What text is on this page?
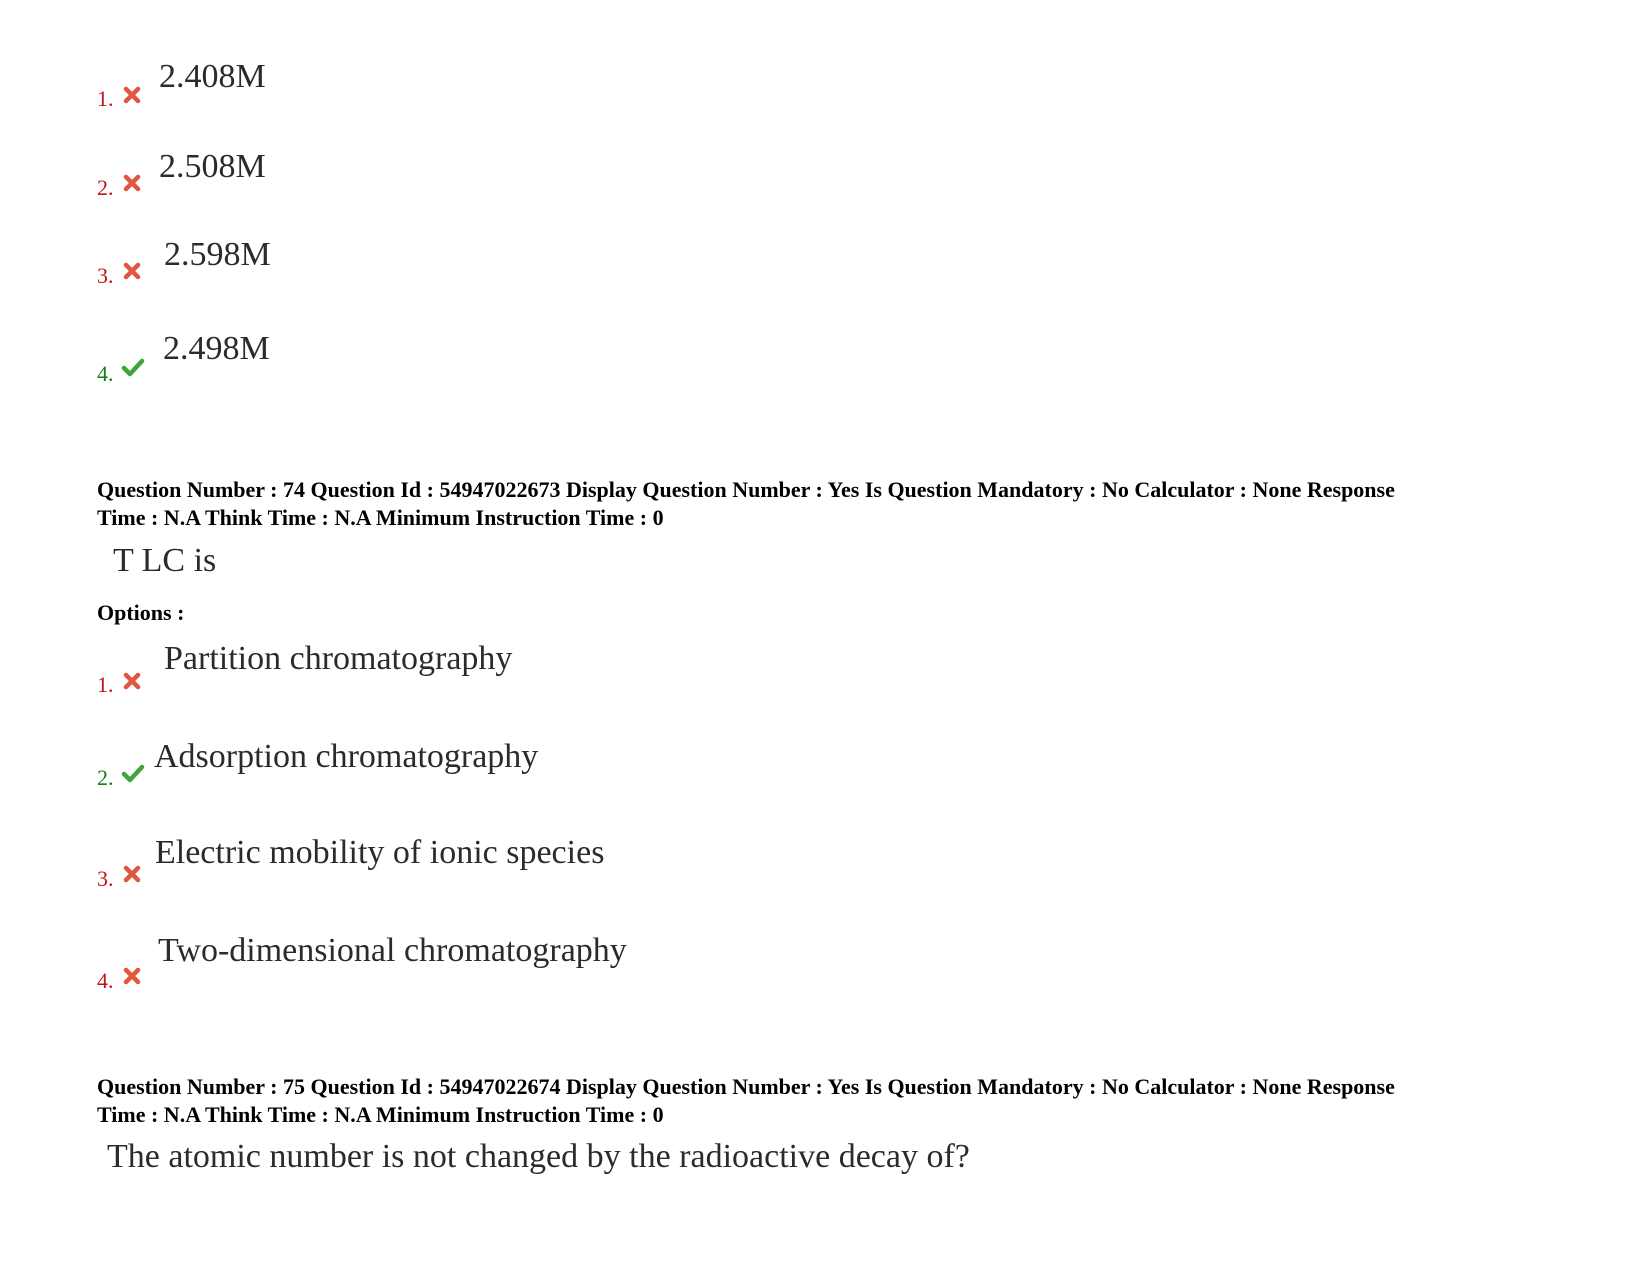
1.
2.408M
2.
2.508M
3.
2.598M
4.
2.498M
Question Number : 74 Question Id : 54947022673 Display Question Number : Yes Is Question Mandatory : No Calculator : None Response
Time : N.A Think Time : N.A Minimum Instruction Time : 0
T LC is
Options :
1.
Partition chromatography
2.
Adsorption chromatography
3.
Electric mobility of ionic species
4.
Two-dimensional chromatography
Question Number : 75 Question Id : 54947022674 Display Question Number : Yes Is Question Mandatory : No Calculator : None Response
Time : N.A Think Time : N.A Minimum Instruction Time : 0
The atomic number is not changed by the radioactive decay of?
